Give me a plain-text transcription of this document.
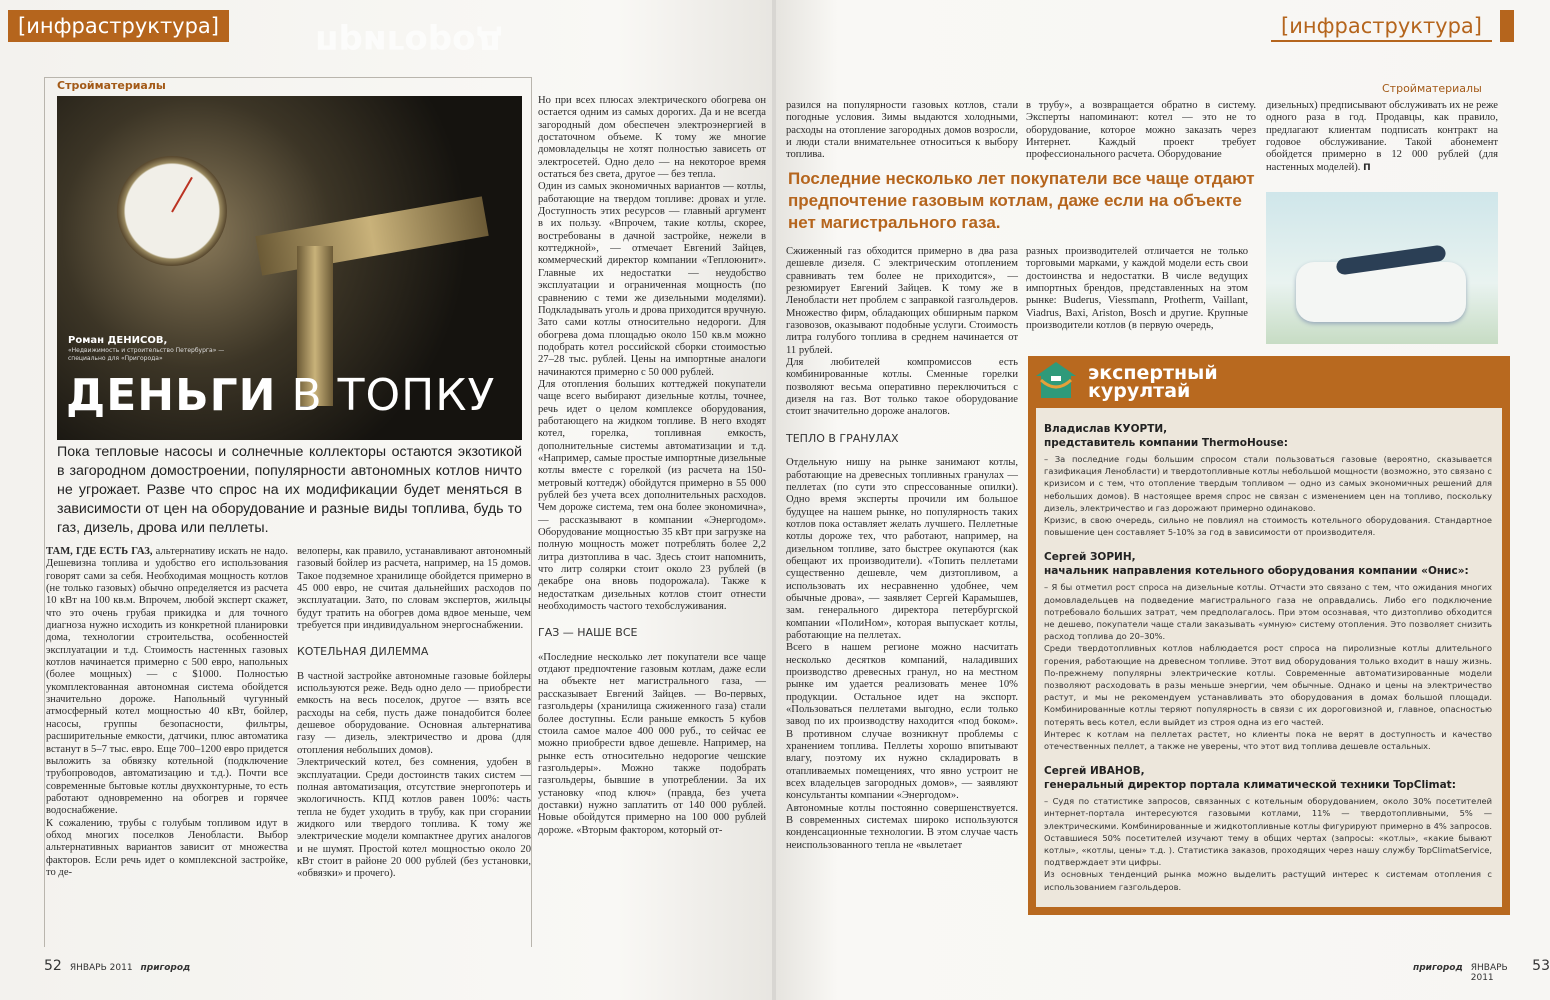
[инфраструктура]	пригород
Стройматериалы
Роман ДЕНИСОВ,
«Недвижимость и строительство Петербурга» —
специально для «Пригорода»
ДЕНЬГИ В ТОПКУ
Пока тепловые насосы и солнечные коллекторы остаются экзотикой в загородном домостроении, популярности автономных котлов ничто не угрожает. Разве что спрос на их модификации будет меняться в зависимости от цен на оборудование и разные виды топлива, будь то газ, дизель, дрова или пеллеты.

ТАМ, ГДЕ ЕСТЬ ГАЗ, альтернативу искать не надо. Дешевизна топлива и удобство его использования говорят сами за себя. Необходимая мощность котлов (не только газовых) обычно определяется из расчета 10 кВт на 100 кв.м. Впрочем, любой эксперт скажет, что это очень грубая прикидка и для точного диагноза нужно исходить из конкретной планировки дома, технологии строительства, особенностей эксплуатации и т.д. Стоимость настенных газовых котлов начинается примерно с 500 евро, напольных (более мощных) — с $1000. Полностью укомплектованная автономная система обойдется значительно дороже. Напольный чугунный атмосферный котел мощностью 40 кВт, бойлер, насосы, группы безопасности, фильтры, расширительные емкости, датчики, плюс автоматика встанут в 5–7 тыс. евро. Еще 700–1200 евро придется выложить за обвязку котельной (подключение трубопроводов, автоматизацию и т.д.). Почти все современные бытовые котлы двухконтурные, то есть работают одновременно на обогрев и горячее водоснабжение.

К сожалению, трубы с голубым топливом идут в обход многих поселков Ленобласти. Выбор альтернативных вариантов зависит от множества факторов. Если речь идет о комплексной застройке, то де-

велоперы, как правило, устанавливают автономный газовый бойлер из расчета, например, на 15 домов. Такое подземное хранилище обойдется примерно в 45 000 евро, не считая дальнейших расходов по эксплуатации. Зато, по словам экспертов, жильцы будут тратить на обогрев дома вдвое меньше, чем требуется при индивидуальном энергоснабжении.

КОТЕЛЬНАЯ ДИЛЕММА

В частной застройке автономные газовые бойлеры используются реже. Ведь одно дело — приобрести емкость на весь поселок, другое — взять все расходы на себя, пусть даже понадобится более дешевое оборудование. Основная альтернатива газу — дизель, электричество и дрова (для отопления небольших домов).

Электрический котел, без сомнения, удобен в эксплуатации. Среди достоинств таких систем — полная автоматизация, отсутствие энергопотерь и экологичность. КПД котлов равен 100%: часть тепла не будет уходить в трубу, как при сгорании жидкого или твердого топлива. К тому же электрические модели компактнее других аналогов и не шумят. Простой котел мощностью около 20 кВт стоит в районе 20 000 рублей (без установки, «обвязки» и прочего).

Но при всех плюсах электрического обогрева он остается одним из самых дорогих. Да и не всегда загородный дом обеспечен электроэнергией в достаточном объеме. К тому же многие домовладельцы не хотят полностью зависеть от электросетей. Одно дело — на некоторое время остаться без света, другое — без тепла.

Один из самых экономичных вариантов — котлы, работающие на твердом топливе: дровах и угле. Доступность этих ресурсов — главный аргумент в их пользу. «Впрочем, такие котлы, скорее, востребованы в дачной застройке, нежели в коттеджной», — отмечает Евгений Зайцев, коммерческий директор компании «Теплоюнит». Главные их недостатки — неудобство эксплуатации и ограниченная мощность (по сравнению с теми же дизельными моделями). Подкладывать уголь и дрова приходится вручную. Зато сами котлы относительно недороги. Для обогрева дома площадью около 150 кв.м можно подобрать котел российской сборки стоимостью 27–28 тыс. рублей. Цены на импортные аналоги начинаются примерно с 50 000 рублей.

Для отопления больших коттеджей покупатели чаще всего выбирают дизельные котлы, точнее, речь идет о целом комплексе оборудования, работающего на жидком топливе. В него входят котел, горелка, топливная емкость, дополнительные системы автоматизации и т.д. «Например, самые простые импортные дизельные котлы вместе с горелкой (из расчета на 150-метровый коттедж) обойдутся примерно в 55 000 рублей без учета всех дополнительных расходов. Чем дороже система, тем она более экономична», — рассказывают в компании «Энергодом». Оборудование мощностью 35 кВт при загрузке на полную мощность может потреблять более 2,2 литра дизтоплива в час. Здесь стоит напомнить, что литр солярки стоит около 23 рублей (в декабре она вновь подорожала). Также к недостаткам дизельных котлов стоит отнести необходимость частого техобслуживания.

ГАЗ — НАШЕ ВСЕ

«Последние несколько лет покупатели все чаще отдают предпочтение газовым котлам, даже если на объекте нет магистрального газа, — рассказывает Евгений Зайцев. — Во-первых, газгольдеры (хранилища сжиженного газа) стали более доступны. Если раньше емкость 5 кубов стоила самое малое 400 000 руб., то сейчас ее можно приобрести вдвое дешевле. Например, на рынке есть относительно недорогие чешские газгольдеры». Можно также подобрать газгольдеры, бывшие в употреблении. За их установку «под ключ» (правда, без учета доставки) нужно заплатить от 140 000 рублей. Новые обойдутся примерно на 100 000 рублей дороже. «Вторым фактором, который от-

52 ЯНВАРЬ 2011 пригород
[инфраструктура]
Стройматериалы
разился на популярности газовых котлов, стали погодные условия. Зимы выдаются холодными, расходы на отопление загородных домов возросли, и люди стали внимательнее относиться к выбору топлива.
в трубу», а возвращается обратно в систему. Эксперты напоминают: котел — это не то оборудование, которое можно заказать через Интернет. Каждый проект требует профессионального расчета. Оборудование
дизельных) предписывают обслуживать их не реже одного раза в год. Продавцы, как правило, предлагают клиентам подписать контракт на годовое обслуживание. Такой абонемент обойдется примерно в 12 000 рублей (для настенных моделей). П
Последние несколько лет покупатели все чаще отдают предпочтение газовым котлам, даже если на объекте нет магистрального газа.

Сжиженный газ обходится примерно в два раза дешевле дизеля. С электрическим отоплением сравнивать тем более не приходится», — резюмирует Евгений Зайцев. К тому же в Ленобласти нет проблем с заправкой газгольдеров. Множество фирм, обладающих обширным парком газовозов, оказывают подобные услуги. Стоимость литра голубого топлива в среднем начинается от 11 рублей.

Для любителей компромиссов есть комбинированные котлы. Сменные горелки позволяют весьма оперативно переключиться с дизеля на газ. Вот только такое оборудование стоит значительно дороже аналогов.

ТЕПЛО В ГРАНУЛАХ

Отдельную нишу на рынке занимают котлы, работающие на древесных топливных гранулах — пеллетах (по сути это спрессованные опилки). Одно время эксперты прочили им большое будущее на нашем рынке, но популярность таких котлов пока оставляет желать лучшего. Пеллетные котлы дороже тех, что работают, например, на дизельном топливе, зато быстрее окупаются (как обещают их производители). «Топить пеллетами существенно дешевле, чем дизтопливом, а использовать их несравненно удобнее, чем обычные дрова», — заявляет Сергей Карамышев, зам. генерального директора петербургской компании «ПолиНом», которая выпускает котлы, работающие на пеллетах.

Всего в нашем регионе можно насчитать несколько десятков компаний, наладивших производство древесных гранул, но на местном рынке им удается реализовать менее 10% продукции. Остальное идет на экспорт. «Пользоваться пеллетами выгодно, если только завод по их производству находится «под боком». В противном случае возникнут проблемы с хранением топлива. Пеллеты хорошо впитывают влагу, поэтому их нужно складировать в отапливаемых помещениях, что явно устроит не всех владельцев загородных домов», — заявляют консультанты компании «Энергодом».

Автономные котлы постоянно совершенствуется. В современных системах широко используются конденсационные технологии. В этом случае часть неиспользованного тепла не «вылетает

разных производителей отличается не только торговыми марками, у каждой модели есть свои достоинства и недостатки. В числе ведущих импортных брендов, представленных на этом рынке: Buderus, Viessmann, Protherm, Vaillant, Viadrus, Baxi, Ariston, Bosch и другие. Крупные производители котлов (в первую очередь,
экспертный
курултай
Владислав КУОРТИ,
представитель компании ThermoHouse:

– За последние годы большим спросом стали пользоваться газовые (вероятно, сказывается газификация Ленобласти) и твердотопливные котлы небольшой мощности (возможно, это связано с кризисом и с тем, что отопление твердым топливом — одно из самых экономичных решений для небольших домов). В настоящее время спрос не связан с изменением цен на топливо, поскольку дизель, электричество и газ дорожают примерно одинаково.

Кризис, в свою очередь, сильно не повлиял на стоимость котельного оборудования. Стандартное повышение цен составляет 5-10% за год в зависимости от производителя.

Сергей ЗОРИН,
начальник направления котельного оборудования компании «Онис»:

– Я бы отметил рост спроса на дизельные котлы. Отчасти это связано с тем, что ожидания многих домовладельцев на подведение магистрального газа не оправдались. Либо его подключение потребовало больших затрат, чем предполагалось. При этом осознавая, что дизтопливо обходится не дешево, покупатели чаще стали заказывать «умную» систему отопления. Это позволяет снизить расход топлива до 20–30%.

Среди твердотопливных котлов наблюдается рост спроса на пиролизные котлы длительного горения, работающие на древесном топливе. Этот вид оборудования только входит в нашу жизнь. По-прежнему популярны электрические котлы. Современные автоматизированные модели позволяют расходовать в разы меньше энергии, чем обычные. Однако и цены на электричество растут, и мы не рекомендуем устанавливать это оборудования в домах большой площади. Комбинированные котлы теряют популярность в связи с их дороговизной и, главное, опасностью потерять весь котел, если выйдет из строя одна из его частей.

Интерес к котлам на пеллетах растет, но клиенты пока не верят в доступность и качество отечественных пеллет, а также не уверены, что этот вид топлива дешевле остальных.

Сергей ИВАНОВ,
генеральный директор портала климатической техники TopClimat:

– Судя по статистике запросов, связанных с котельным оборудованием, около 30% посетителей интернет-портала интересуются газовыми котлами, 11% — твердотопливными, 5% — электрическими. Комбинированные и жидкотопливные котлы фигурируют примерно в 4% запросов. Оставшиеся 50% посетителей изучают тему в общих чертах (запросы: «котлы», «какие бывают котлы», «котлы, цены» т.д. ). Статистика заказов, проходящих через нашу службу TopClimatService, подтверждает эти цифры.

Из основных тенденций рынка можно выделить растущий интерес к системам отопления с использованием газгольдеров.

пригород ЯНВАРЬ 2011
53
